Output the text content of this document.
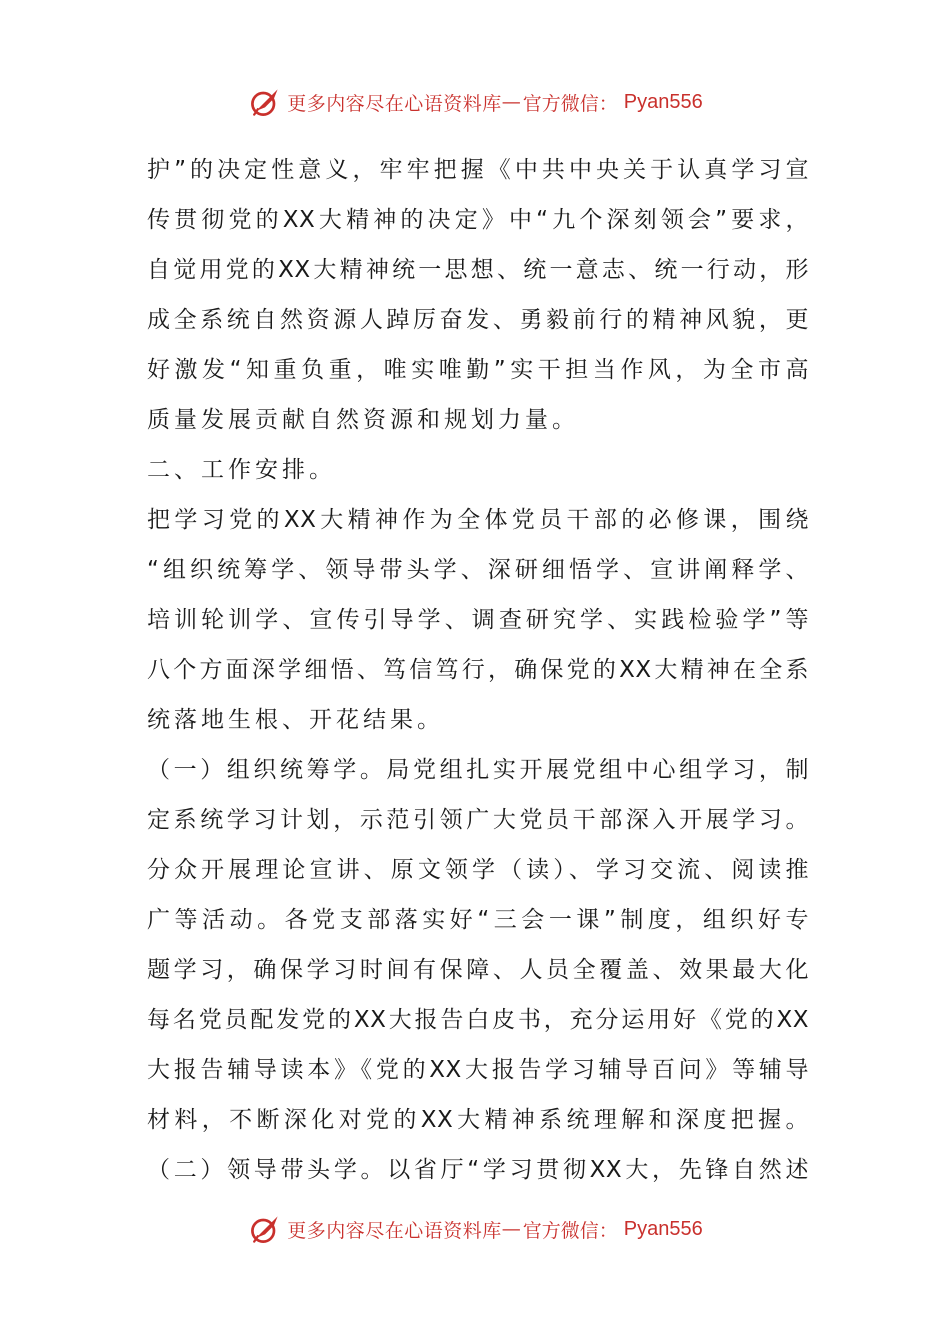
更多内容尽在心语资料库 — 官方微信： Pyan556
护”的决定性意义，牢牢把握《中共中央关于认真学习宣
传贯彻党的XX大精神的决定》中“九个深刻领会”要求，
自觉用党的XX大精神统一思想、统一意志、统一行动，形
成全系统自然资源人踔厉奋发、勇毅前行的精神风貌，更
好激发“知重负重，唯实唯勤”实干担当作风，为全市高
质量发展贡献自然资源和规划力量。
二、工作安排。
把学习党的XX大精神作为全体党员干部的必修课，围绕
“组织统筹学、领导带头学、深研细悟学、宣讲阐释学、
培训轮训学、宣传引导学、调查研究学、实践检验学”等
八个方面深学细悟、笃信笃行，确保党的XX大精神在全系
统落地生根、开花结果。
（一）组织统筹学。局党组扎实开展党组中心组学习，制
定系统学习计划，示范引领广大党员干部深入开展学习。
分众开展理论宣讲、原文领学（读）、学习交流、阅读推
广等活动。各党支部落实好“三会一课”制度，组织好专
题学习，确保学习时间有保障、人员全覆盖、效果最大化
每名党员配发党的XX大报告白皮书，充分运用好《党的XX
大报告辅导读本》《党的XX大报告学习辅导百问》等辅导
材料，不断深化对党的XX大精神系统理解和深度把握。
（二）领导带头学。以省厅“学习贯彻XX大，先锋自然述
更多内容尽在心语资料库 — 官方微信： Pyan556
